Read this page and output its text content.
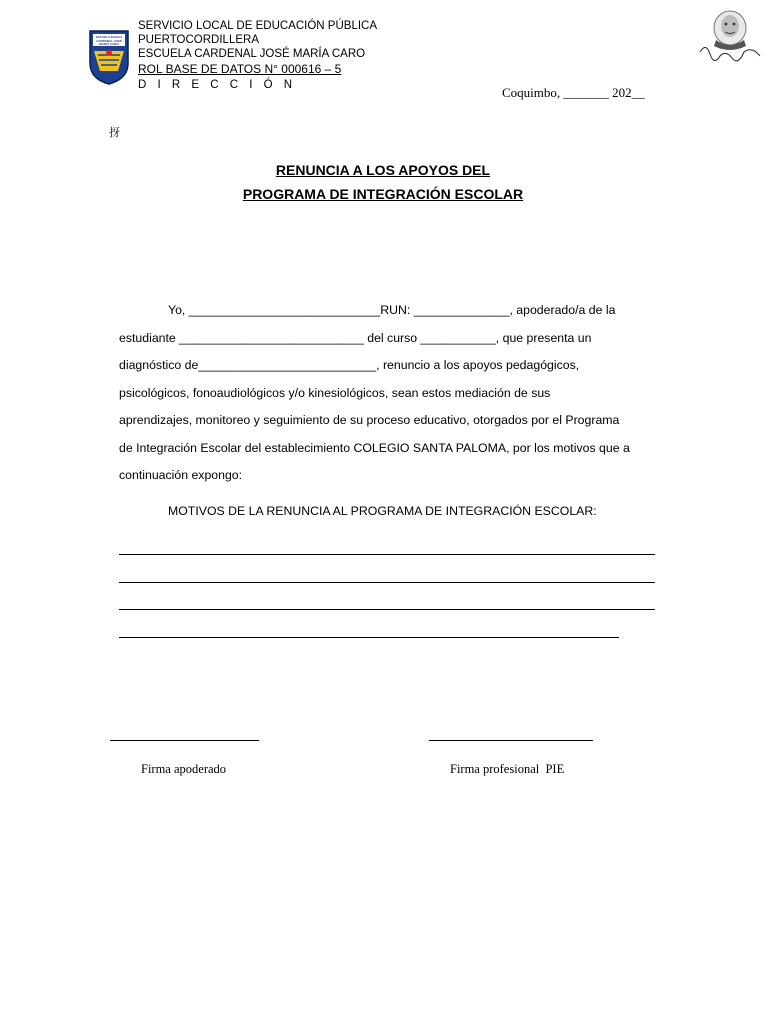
ESCUELA BASICA CARDENAL JOSE MARIA CARO
SERVICIO LOCAL DE EDUCACIÓN PÚBLICA
PUERTOCORDILLERA
ESCUELA CARDENAL JOSÉ MARÍA CARO
ROL BASE DE DATOS N° 000616 – 5
D I R E C C I Ó N	Coquimbo, _______ 202__
㧎
RENUNCIA A LOS APOYOS DEL
PROGRAMA DE INTEGRACIÓN ESCOLAR
Yo, ____________________________RUN: ______________, apoderado/a de la
estudiante ___________________________ del curso ___________, que presenta un
diagnóstico de__________________________, renuncio a los apoyos pedagógicos,
psicológicos, fonoaudiológicos y/o kinesiológicos, sean estos mediación de sus
aprendizajes, monitoreo y seguimiento de su proceso educativo, otorgados por el Programa
de Integración Escolar del establecimiento COLEGIO SANTA PALOMA, por los motivos que a
continuación expongo:
MOTIVOS DE LA RENUNCIA AL PROGRAMA DE INTEGRACIÓN ESCOLAR:
Firma apoderado	Firma profesional  PIE
